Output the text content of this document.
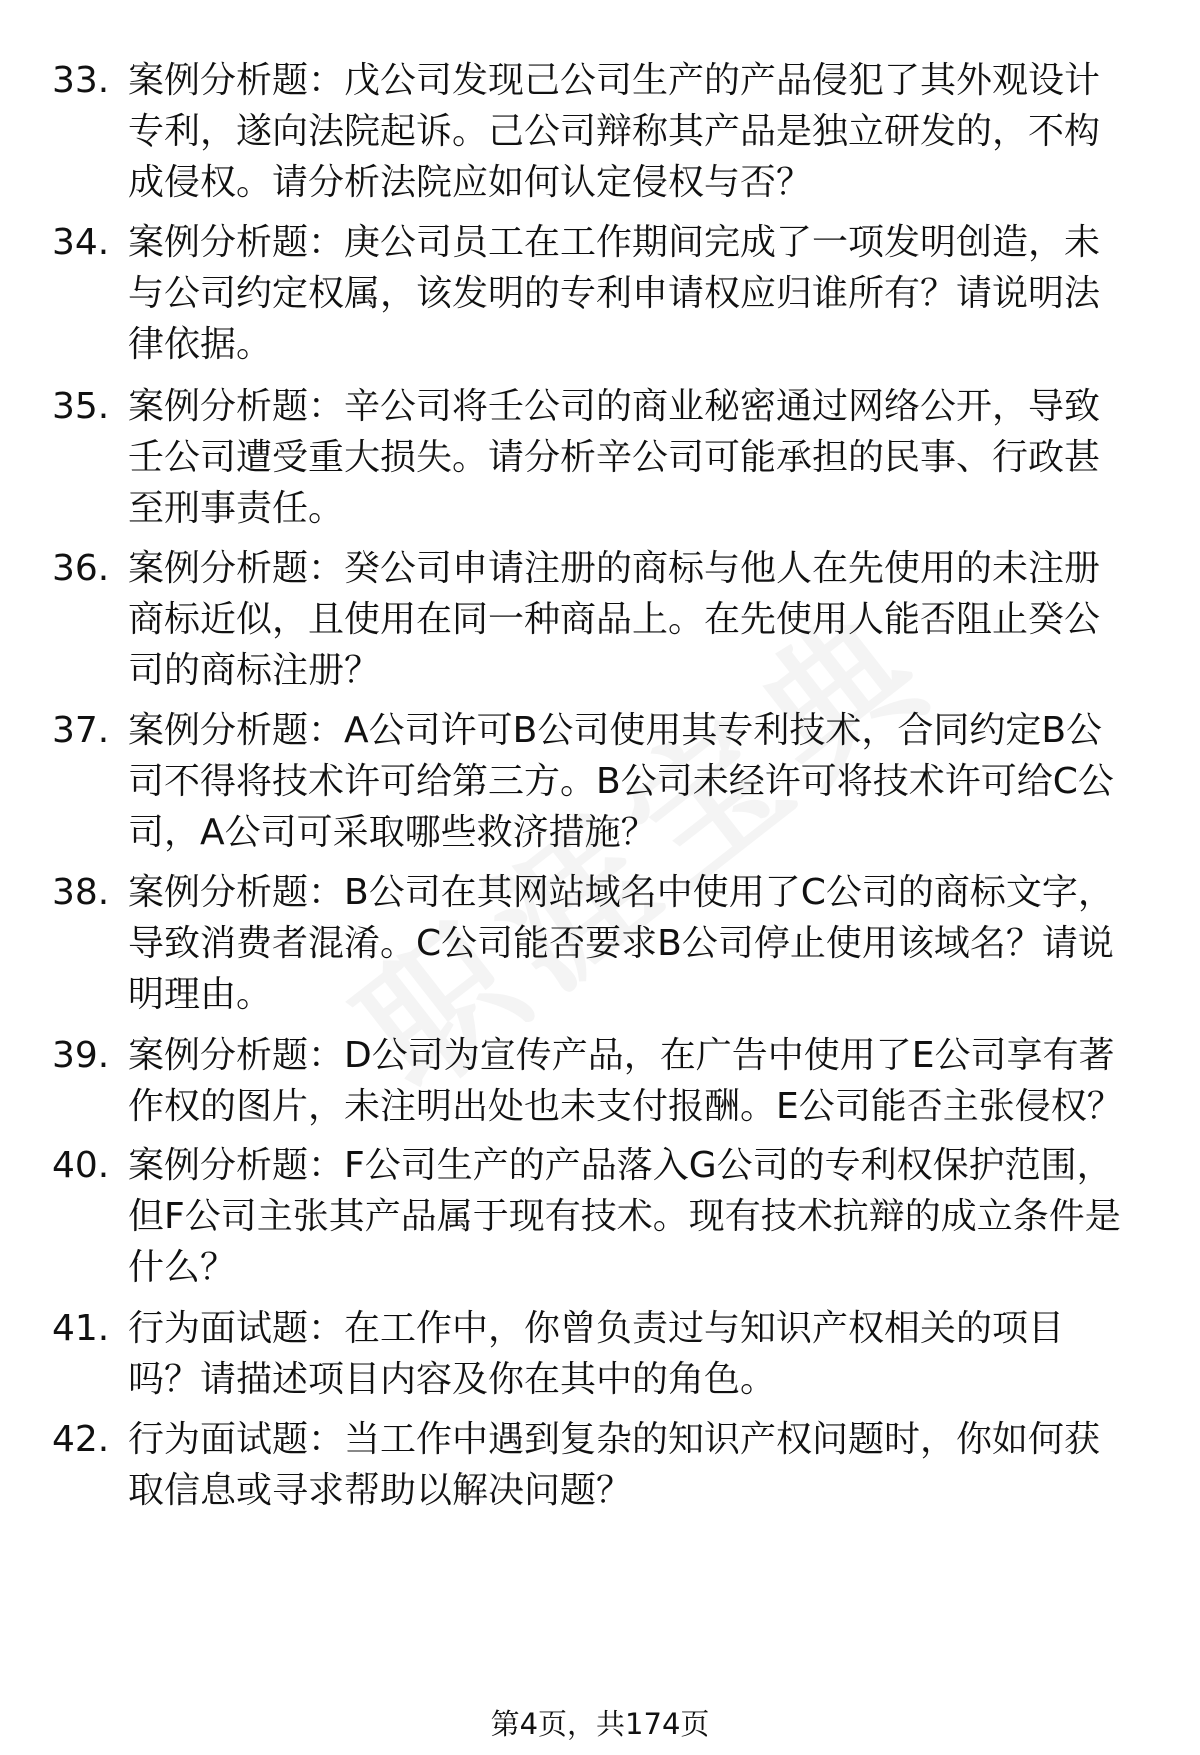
33. 案例分析题：戊公司发现己公司生产的产品侵犯了其外观设计专利，遂向法院起诉。己公司辩称其产品是独立研发的，不构成侵权。请分析法院应如何认定侵权与否？
34. 案例分析题：庚公司员工在工作期间完成了一项发明创造，未与公司约定权属，该发明的专利申请权应归谁所有？请说明法律依据。
35. 案例分析题：辛公司将壬公司的商业秘密通过网络公开，导致壬公司遭受重大损失。请分析辛公司可能承担的民事、行政甚至刑事责任。
36. 案例分析题：癸公司申请注册的商标与他人在先使用的未注册商标近似，且使用在同一种商品上。在先使用人能否阻止癸公司的商标注册？
37. 案例分析题：A公司许可B公司使用其专利技术，合同约定B公司不得将技术许可给第三方。B公司未经许可将技术许可给C公司，A公司可采取哪些救济措施？
38. 案例分析题：B公司在其网站域名中使用了C公司的商标文字，导致消费者混淆。C公司能否要求B公司停止使用该域名？请说明理由。
39. 案例分析题：D公司为宣传产品，在广告中使用了E公司享有著作权的图片，未注明出处也未支付报酬。E公司能否主张侵权？
40. 案例分析题：F公司生产的产品落入G公司的专利权保护范围，但F公司主张其产品属于现有技术。现有技术抗辩的成立条件是什么？
41. 行为面试题：在工作中，你曾负责过与知识产权相关的项目吗？请描述项目内容及你在其中的角色。
42. 行为面试题：当工作中遇到复杂的知识产权问题时，你如何获取信息或寻求帮助以解决问题？
第4页，共174页
